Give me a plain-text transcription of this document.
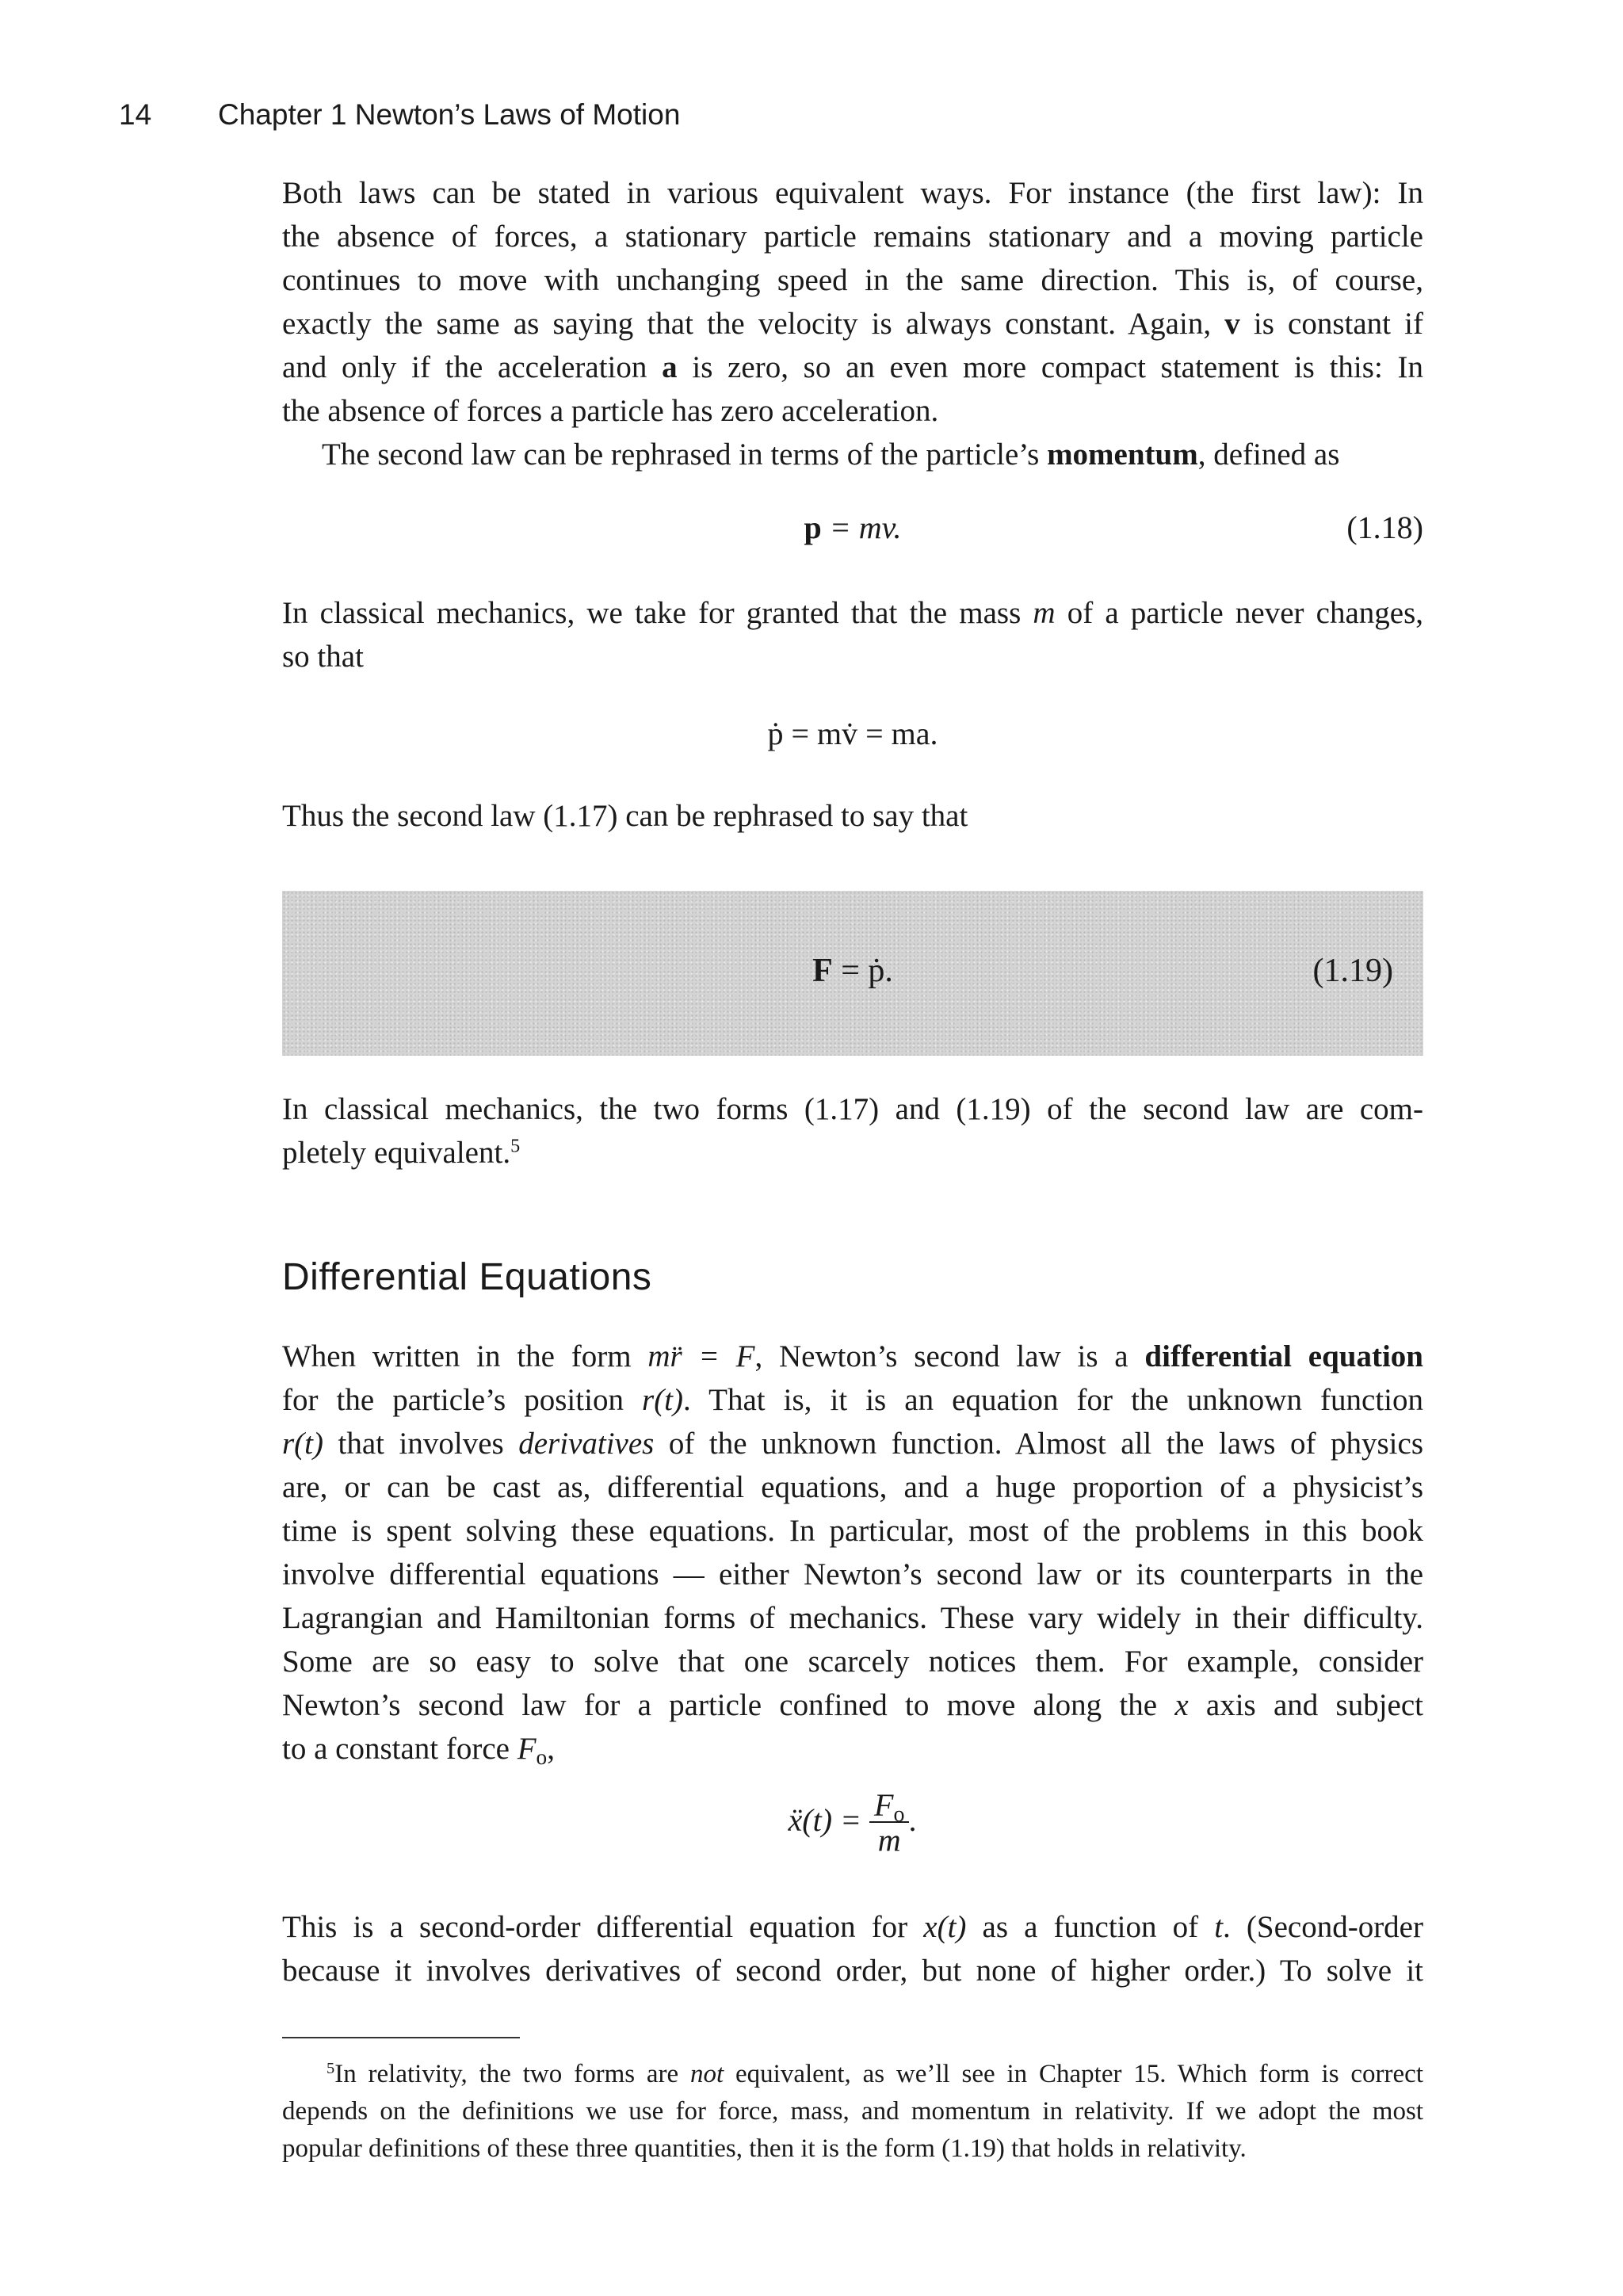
14 Chapter 1 Newton’s Laws of Motion

Both laws can be stated in various equivalent ways. For instance (the first law): In
the absence of forces, a stationary particle remains stationary and a moving particle
continues to move with unchanging speed in the same direction. This is, of course,
exactly the same as saying that the velocity is always constant. Again, v is constant if
and only if the acceleration a is zero, so an even more compact statement is this: In
the absence of forces a particle has zero acceleration.

The second law can be rephrased in terms of the particle’s momentum, defined as

p = mv.	(1.18)

In classical mechanics, we take for granted that the mass m of a particle never changes,
so that

ṗ = mv̇ = ma.

Thus the second law (1.17) can be rephrased to say that

F = ṗ.	(1.19)

In classical mechanics, the two forms (1.17) and (1.19) of the second law are com-
pletely equivalent.$^5$

Differential Equations

When written in the form mr̈ = F, Newton’s second law is a differential equation
for the particle’s position r(t). That is, it is an equation for the unknown function
r(t) that involves derivatives of the unknown function. Almost all the laws of physics
are, or can be cast as, differential equations, and a huge proportion of a physicist’s
time is spent solving these equations. In particular, most of the problems in this book
involve differential equations — either Newton’s second law or its counterparts in the
Lagrangian and Hamiltonian forms of mechanics. These vary widely in their difficulty.
Some are so easy to solve that one scarcely notices them. For example, consider
Newton’s second law for a particle confined to move along the x axis and subject
to a constant force $F_o$,

ẍ(t) = $\frac{F_o}{m}$ .

This is a second-order differential equation for x(t) as a function of t. (Second-order
because it involves derivatives of second order, but none of higher order.) To solve it

$^5$In relativity, the two forms are not equivalent, as we’ll see in Chapter 15. Which form is correct
depends on the definitions we use for force, mass, and momentum in relativity. If we adopt the most
popular definitions of these three quantities, then it is the form (1.19) that holds in relativity.
